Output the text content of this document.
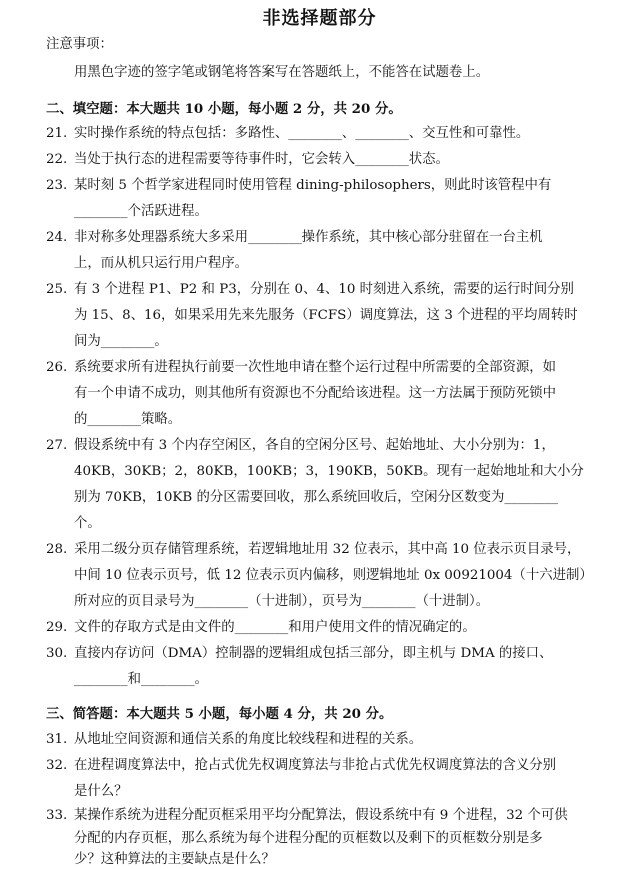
非选择题部分
注意事项：
用黑色字迹的签字笔或钢笔将答案写在答题纸上，不能答在试题卷上。
二、填空题：本大题共 10 小题，每小题 2 分，共 20 分。
21. 实时操作系统的特点包括：多路性、________、________、交互性和可靠性。
22. 当处于执行态的进程需要等待事件时，它会转入________状态。
23. 某时刻 5 个哲学家进程同时使用管程 dining-philosophers，则此时该管程中有
________个活跃进程。
24. 非对称多处理器系统大多采用________操作系统，其中核心部分驻留在一台主机
上，而从机只运行用户程序。
25. 有 3 个进程 P1、P2 和 P3，分别在 0、4、10 时刻进入系统，需要的运行时间分别
为 15、8、16，如果采用先来先服务（FCFS）调度算法，这 3 个进程的平均周转时
间为________。
26. 系统要求所有进程执行前要一次性地申请在整个运行过程中所需要的全部资源，如
有一个申请不成功，则其他所有资源也不分配给该进程。这一方法属于预防死锁中
的________策略。
27. 假设系统中有 3 个内存空闲区，各自的空闲分区号、起始地址、大小分别为：1，
40KB，30KB；2，80KB，100KB；3，190KB，50KB。现有一起始地址和大小分
别为 70KB，10KB 的分区需要回收，那么系统回收后，空闲分区数变为________
个。
28. 采用二级分页存储管理系统，若逻辑地址用 32 位表示，其中高 10 位表示页目录号，
中间 10 位表示页号，低 12 位表示页内偏移，则逻辑地址 0x 00921004（十六进制）
所对应的页目录号为________（十进制），页号为________（十进制）。
29. 文件的存取方式是由文件的________和用户使用文件的情况确定的。
30. 直接内存访问（DMA）控制器的逻辑组成包括三部分，即主机与 DMA 的接口、
________和________。
三、简答题：本大题共 5 小题，每小题 4 分，共 20 分。
31. 从地址空间资源和通信关系的角度比较线程和进程的关系。
32. 在进程调度算法中，抢占式优先权调度算法与非抢占式优先权调度算法的含义分别
是什么？
33. 某操作系统为进程分配页框采用平均分配算法，假设系统中有 9 个进程，32 个可供
分配的内存页框，那么系统为每个进程分配的页框数以及剩下的页框数分别是多
少？这种算法的主要缺点是什么？
